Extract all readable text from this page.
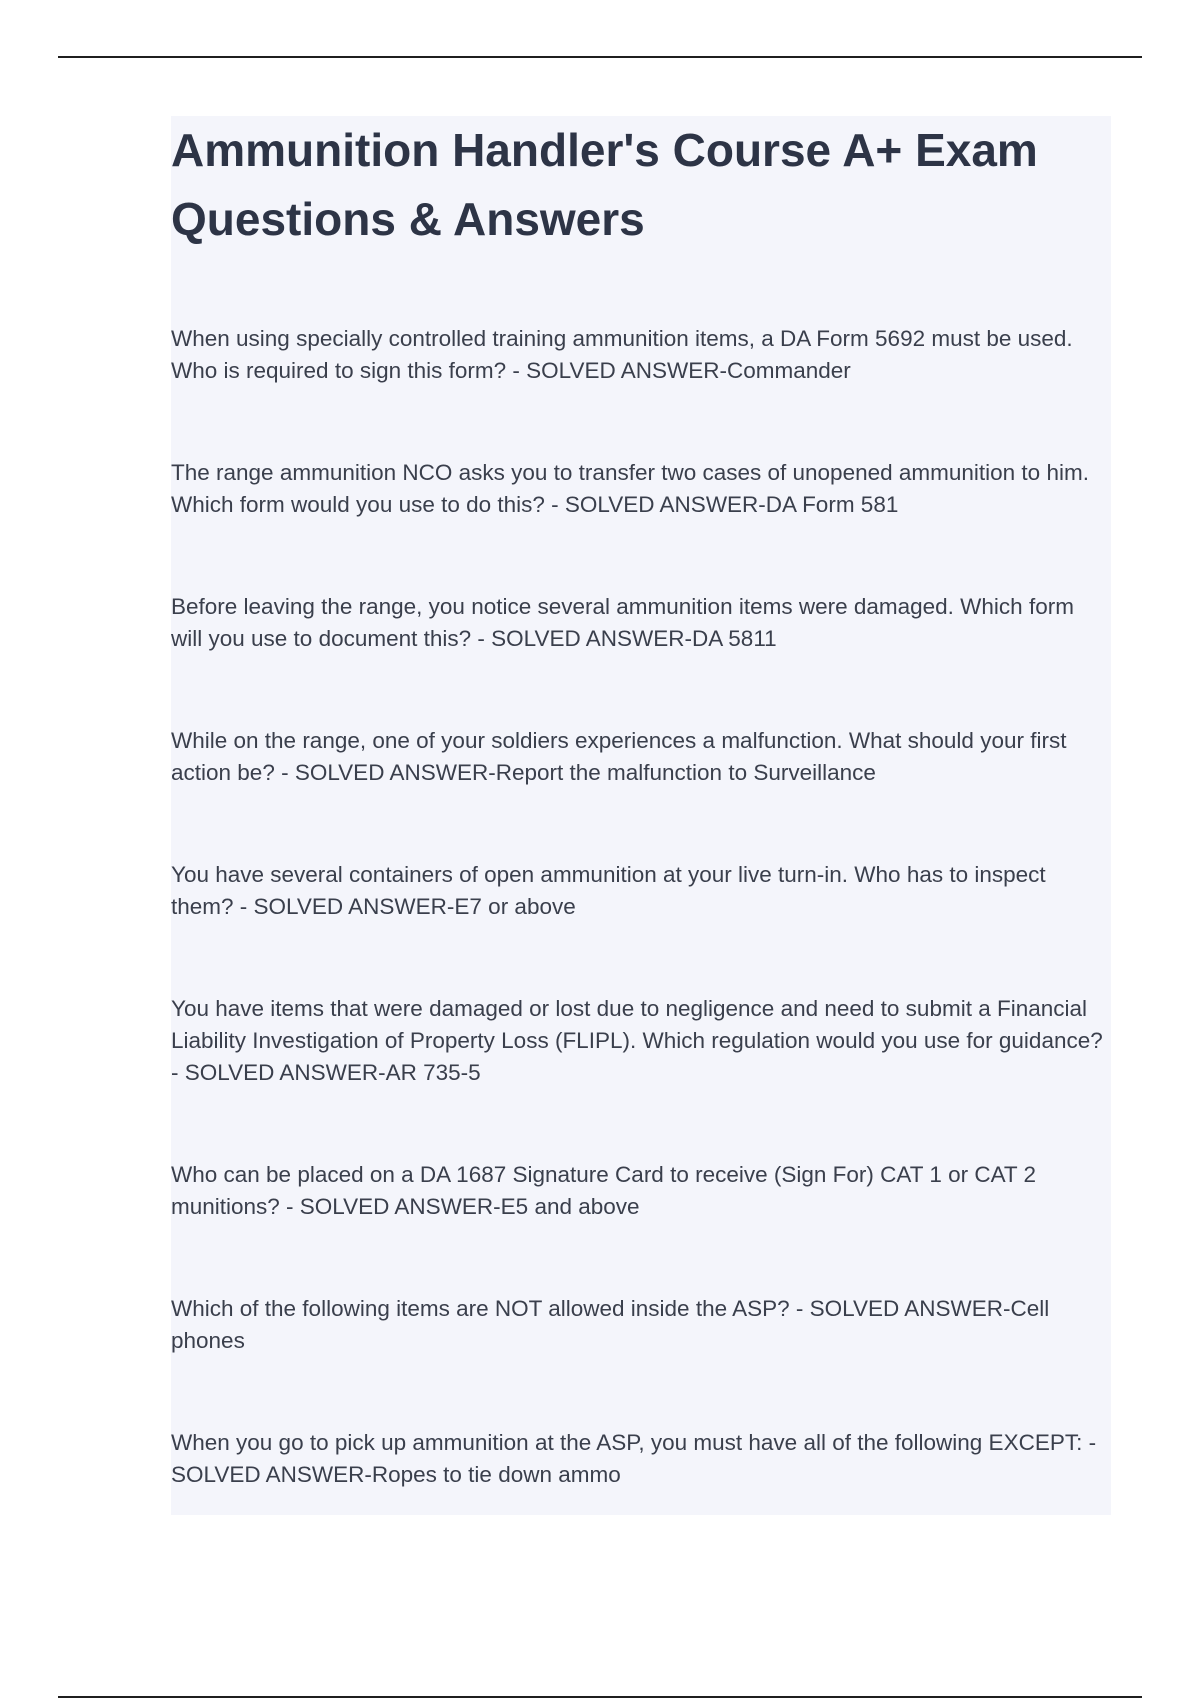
Ammunition Handler's Course A+ Exam Questions & Answers
When using specially controlled training ammunition items, a DA Form 5692 must be used. Who is required to sign this form? - SOLVED ANSWER-Commander
The range ammunition NCO asks you to transfer two cases of unopened ammunition to him. Which form would you use to do this? - SOLVED ANSWER-DA Form 581
Before leaving the range, you notice several ammunition items were damaged. Which form will you use to document this? - SOLVED ANSWER-DA 5811
While on the range, one of your soldiers experiences a malfunction. What should your first action be? - SOLVED ANSWER-Report the malfunction to Surveillance
You have several containers of open ammunition at your live turn-in. Who has to inspect them? - SOLVED ANSWER-E7 or above
You have items that were damaged or lost due to negligence and need to submit a Financial Liability Investigation of Property Loss (FLIPL). Which regulation would you use for guidance? - SOLVED ANSWER-AR 735-5
Who can be placed on a DA 1687 Signature Card to receive (Sign For) CAT 1 or CAT 2 munitions? - SOLVED ANSWER-E5 and above
Which of the following items are NOT allowed inside the ASP? - SOLVED ANSWER-Cell phones
When you go to pick up ammunition at the ASP, you must have all of the following EXCEPT: - SOLVED ANSWER-Ropes to tie down ammo
